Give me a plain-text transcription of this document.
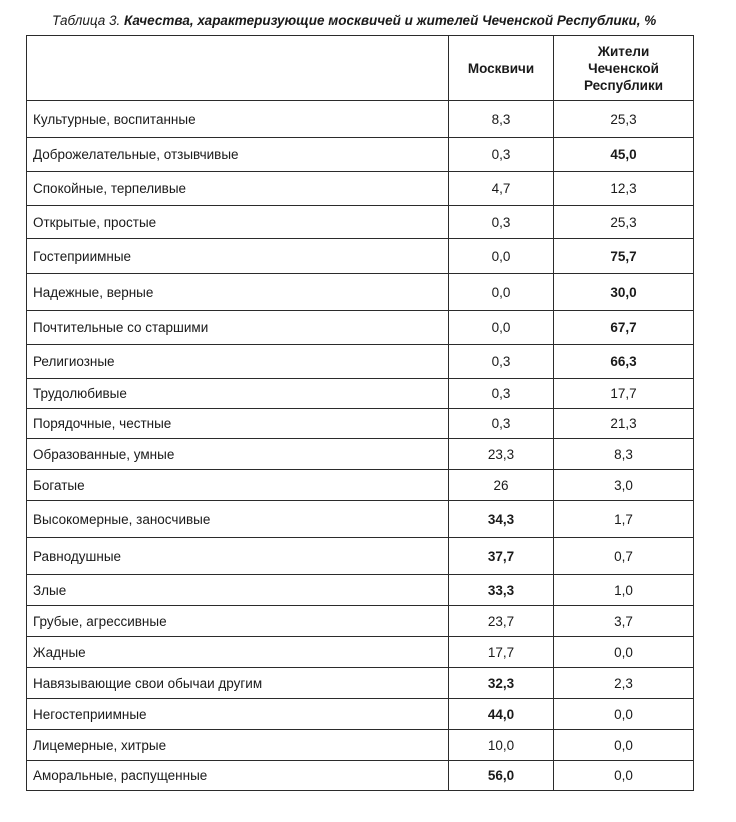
Таблица 3. Качества, характеризующие москвичей и жителей Чеченской Республики, %
	Москвичи	Жители
Чеченской
Республики
Культурные, воспитанные	8,3	25,3
Доброжелательные, отзывчивые	0,3	45,0
Спокойные, терпеливые	4,7	12,3
Открытые, простые	0,3	25,3
Гостеприимные	0,0	75,7
Надежные, верные	0,0	30,0
Почтительные со старшими	0,0	67,7
Религиозные	0,3	66,3
Трудолюбивые	0,3	17,7
Порядочные, честные	0,3	21,3
Образованные, умные	23,3	8,3
Богатые	26	3,0
Высокомерные, заносчивые	34,3	1,7
Равнодушные	37,7	0,7
Злые	33,3	1,0
Грубые, агрессивные	23,7	3,7
Жадные	17,7	0,0
Навязывающие свои обычаи другим	32,3	2,3
Негостеприимные	44,0	0,0
Лицемерные, хитрые	10,0	0,0
Аморальные, распущенные	56,0	0,0
